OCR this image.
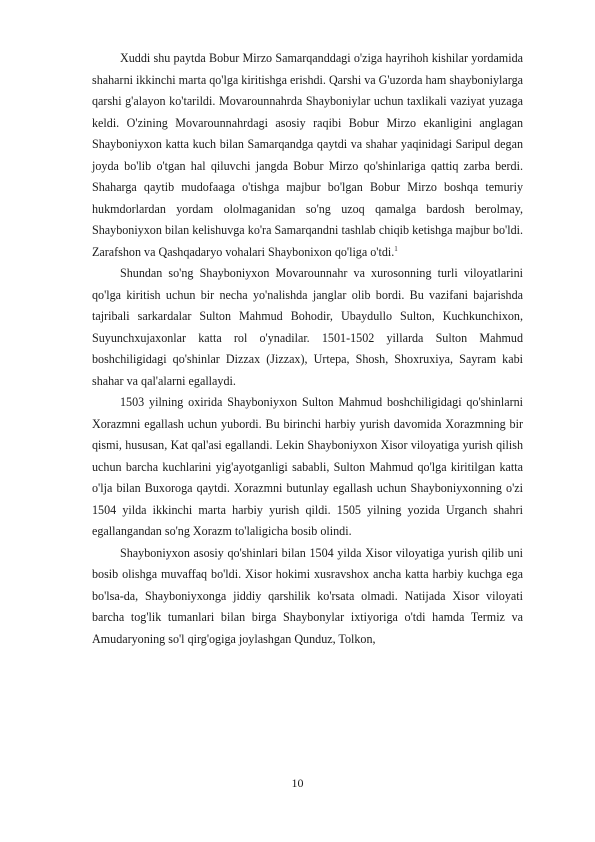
Xuddi shu paytda Bobur Mirzo Samarqanddagi o'ziga hayrihoh kishilar yordamida shaharni ikkinchi marta qo'lga kiritishga erishdi. Qarshi va G'uzorda ham shayboniylarga qarshi g'alayon ko'tarildi. Movarounnahrda Shayboniylar uchun taxlikali vaziyat yuzaga keldi. O'zining Movarounnahrdagi asosiy raqibi Bobur Mirzo ekanligini anglagan Shayboniyxon katta kuch bilan Samarqandga qaytdi va shahar yaqinidagi Saripul degan joyda bo'lib o'tgan hal qiluvchi jangda Bobur Mirzo qo'shinlariga qattiq zarba berdi. Shaharga qaytib mudofaaga o'tishga majbur bo'lgan Bobur Mirzo boshqa temuriy hukmdorlardan yordam ololmaganidan so'ng uzoq qamalga bardosh berolmay, Shayboniyxon bilan kelishuvga ko'ra Samarqandni tashlab chiqib ketishga majbur bo'ldi. Zarafshon va Qashqadaryo vohalari Shaybonixon qo'liga o'tdi.$^1$

Shundan so'ng Shayboniyxon Movarounnahr va xurosonning turli viloyatlarini qo'lga kiritish uchun bir necha yo'nalishda janglar olib bordi. Bu vazifani bajarishda tajribali sarkardalar Sulton Mahmud Bohodir, Ubaydullo Sulton, Kuchkunchixon, Suyunchxujaxonlar katta rol o'ynadilar. 1501-1502 yillarda Sulton Mahmud boshchiligidagi qo'shinlar Dizzax (Jizzax), Urtepa, Shosh, Shoxruxiya, Sayram kabi shahar va qal'alarni egallaydi.

1503 yilning oxirida Shayboniyxon Sulton Mahmud boshchiligidagi qo'shinlarni Xorazmni egallash uchun yubordi. Bu birinchi harbiy yurish davomida Xorazmning bir qismi, hususan, Kat qal'asi egallandi. Lekin Shayboniyxon Xisor viloyatiga yurish qilish uchun barcha kuchlarini yig'ayotganligi sababli, Sulton Mahmud qo'lga kiritilgan katta o'lja bilan Buxoroga qaytdi. Xorazmni butunlay egallash uchun Shayboniyxonning o'zi 1504 yilda ikkinchi marta harbiy yurish qildi. 1505 yilning yozida Urganch shahri egallangandan so'ng Xorazm to'laligicha bosib olindi.

Shayboniyxon asosiy qo'shinlari bilan 1504 yilda Xisor viloyatiga yurish qilib uni bosib olishga muvaffaq bo'ldi. Xisor hokimi xusravshox ancha katta harbiy kuchga ega bo'lsa-da, Shayboniyxonga jiddiy qarshilik ko'rsata olmadi. Natijada Xisor viloyati barcha tog'lik tumanlari bilan birga Shaybonylar ixtiyoriga o'tdi hamda Termiz va Amudaryoning so'l qirg'ogiga joylashgan Qunduz, Tolkon,

10
